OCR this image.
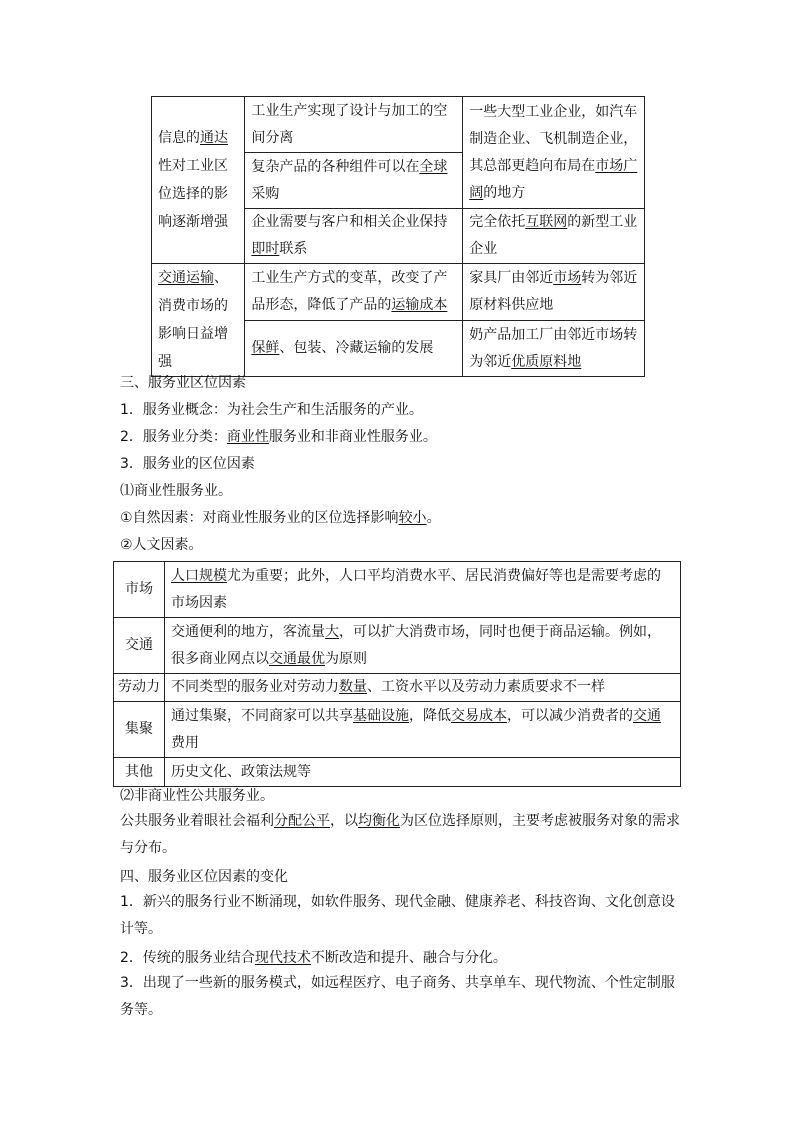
信息的通达性对工业区位选择的影响逐渐增强	工业生产实现了设计与加工的空间分离	一些大型工业企业，如汽车制造企业、飞机制造企业，其总部更趋向布局在市场广阔的地方
	复杂产品的各种组件可以在全球采购	
	企业需要与客户和相关企业保持即时联系	完全依托互联网的新型工业企业
交通运输、消费市场的影响日益增强	工业生产方式的变革，改变了产品形态，降低了产品的运输成本	家具厂由邻近市场转为邻近原材料供应地
	保鲜、包装、冷藏运输的发展	奶产品加工厂由邻近市场转为邻近优质原料地
三、服务业区位因素
1．服务业概念：为社会生产和生活服务的产业。
2．服务业分类：商业性服务业和非商业性服务业。
3．服务业的区位因素
⑴商业性服务业。
①自然因素：对商业性服务业的区位选择影响较小。
②人文因素。
市场	人口规模尤为重要；此外，人口平均消费水平、居民消费偏好等也是需要考虑的市场因素
交通	交通便利的地方，客流量大，可以扩大消费市场，同时也便于商品运输。例如，很多商业网点以交通最优为原则
劳动力	不同类型的服务业对劳动力数量、工资水平以及劳动力素质要求不一样
集聚	通过集聚，不同商家可以共享基础设施，降低交易成本，可以减少消费者的交通费用
其他	历史文化、政策法规等
⑵非商业性公共服务业。
公共服务业着眼社会福利分配公平，以均衡化为区位选择原则，主要考虑被服务对象的需求与分布。
四、服务业区位因素的变化
1．新兴的服务行业不断涌现，如软件服务、现代金融、健康养老、科技咨询、文化创意设计等。
2．传统的服务业结合现代技术不断改造和提升、融合与分化。
3．出现了一些新的服务模式，如远程医疗、电子商务、共享单车、现代物流、个性定制服务等。
